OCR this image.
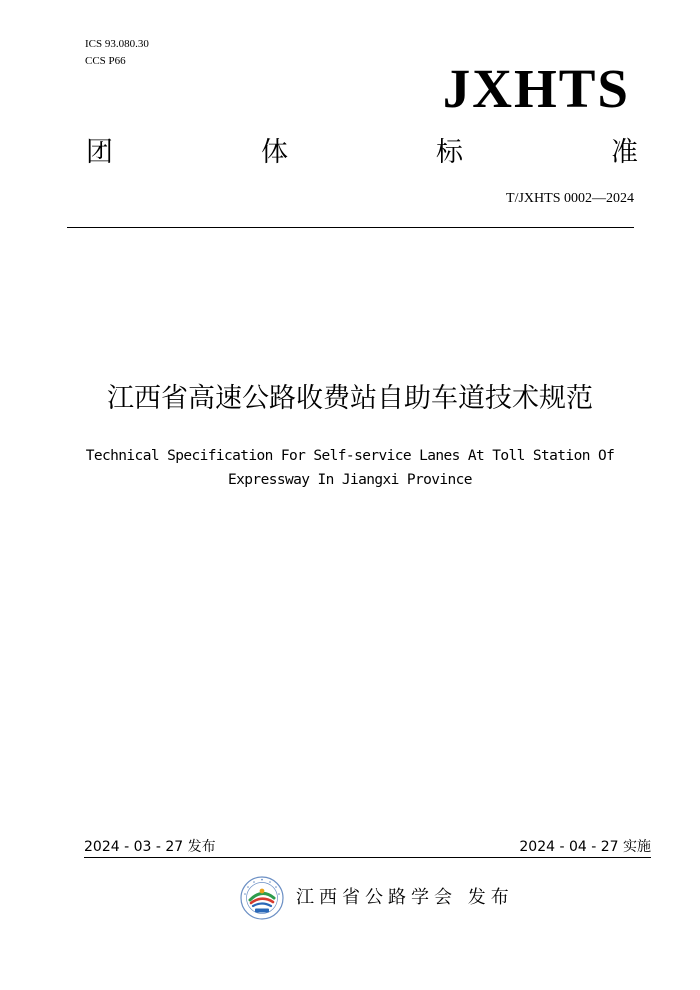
ICS 93.080.30
CCS P66	JXHTS
团	体	标	准
T/JXHTS 0002—2024
江西省高速公路收费站自助车道技术规范
Technical Specification For Self-service Lanes At Toll Station Of
Expressway In Jiangxi Province
2024 - 03 - 27 发布	2024 - 04 - 27 实施
江西省公路学会 发布
